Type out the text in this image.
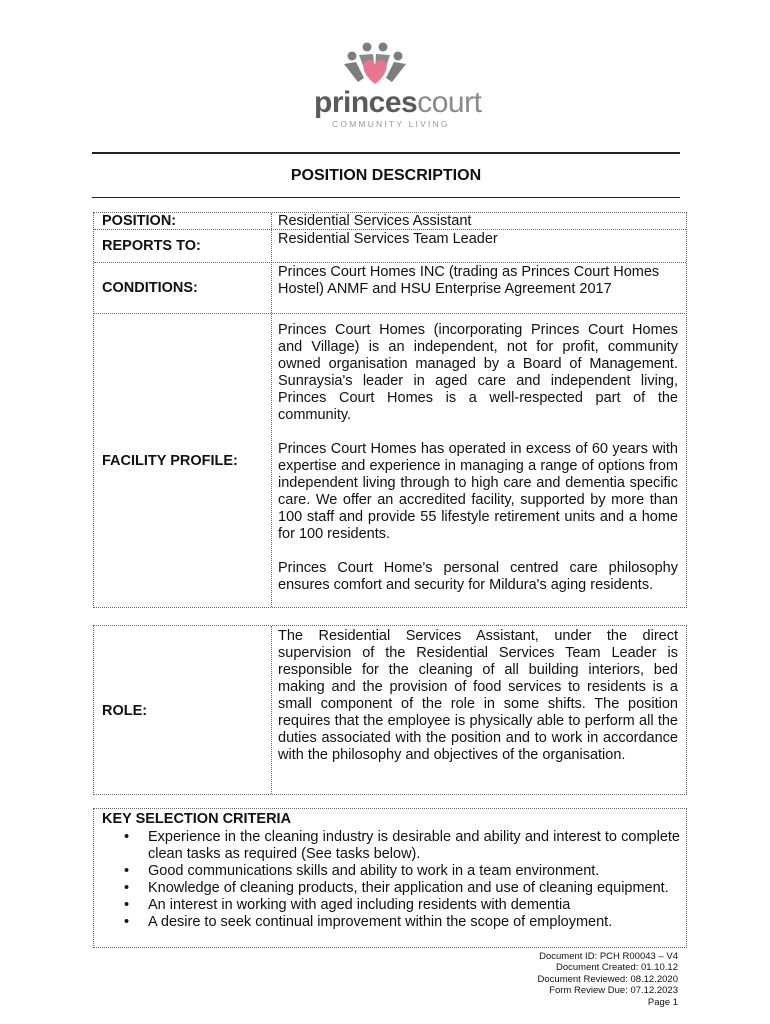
princescourt
COMMUNITY LIVING
POSITION DESCRIPTION
POSITION:	Residential Services Assistant
REPORTS TO:	Residential Services Team Leader
CONDITIONS:
Princes Court Homes INC (trading as Princes Court Homes Hostel) ANMF and HSU Enterprise Agreement 2017
FACILITY PROFILE:

Princes Court Homes (incorporating Princes Court Homes and Village) is an independent, not for profit, community owned organisation managed by a Board of Management. Sunraysia's leader in aged care and independent living, Princes Court Homes is a well-respected part of the community.

Princes Court Homes has operated in excess of 60 years with expertise and experience in managing a range of options from independent living through to high care and dementia specific care. We offer an accredited facility, supported by more than 100 staff and provide 55 lifestyle retirement units and a home for 100 residents.

Princes Court Home's personal centred care philosophy ensures comfort and security for Mildura's aging residents.

ROLE:
The Residential Services Assistant, under the direct supervision of the Residential Services Team Leader is responsible for the cleaning of all building interiors, bed making and the provision of food services to residents is a small component of the role in some shifts. The position requires that the employee is physically able to perform all the duties associated with the position and to work in accordance with the philosophy and objectives of the organisation.
KEY SELECTION CRITERIA
• Experience in the cleaning industry is desirable and ability and interest to complete clean tasks as required (See tasks below).
• Good communications skills and ability to work in a team environment.
• Knowledge of cleaning products, their application and use of cleaning equipment.
• An interest in working with aged including residents with dementia
• A desire to seek continual improvement within the scope of employment.
Document ID: PCH R00043 – V4
Document Created: 01.10.12
Document Reviewed: 08.12.2020
Form Review Due: 07.12.2023
Page 1
